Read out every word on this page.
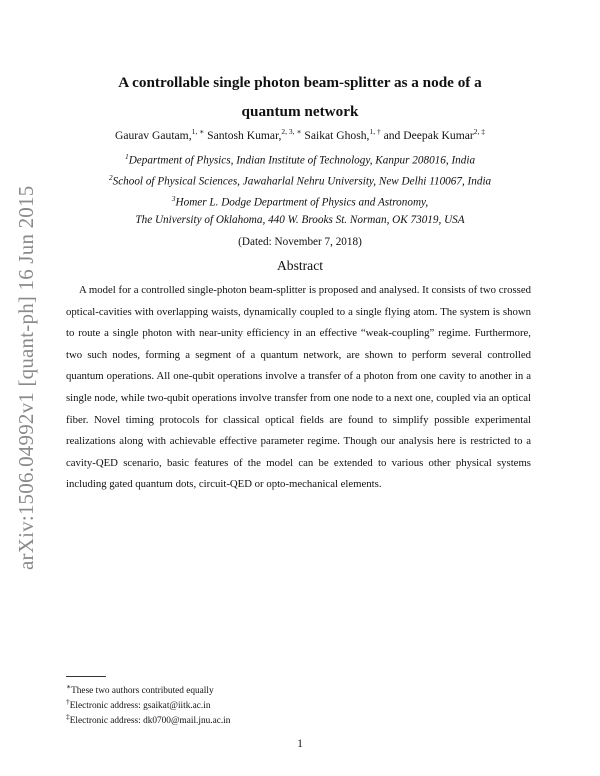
arXiv:1506.04992v1 [quant-ph] 16 Jun 2015
A controllable single photon beam-splitter as a node of a
quantum network
Gaurav Gautam,$^{1, ∗}$ Santosh Kumar,$^{2, 3, ∗}$ Saikat Ghosh,$^{1, \dagger}$ and Deepak Kumar$^{2, \ddagger}$
$^1$Department of Physics, Indian Institute of Technology, Kanpur 208016, India
$^2$School of Physical Sciences, Jawaharlal Nehru University, New Delhi 110067, India
$^3$Homer L. Dodge Department of Physics and Astronomy,
The University of Oklahoma, 440 W. Brooks St. Norman, OK 73019, USA
(Dated: November 7, 2018)
Abstract
A model for a controlled single-photon beam-splitter is proposed and analysed. It consists of two crossed optical-cavities with overlapping waists, dynamically coupled to a single flying atom. The system is shown to route a single photon with near-unity efficiency in an effective “weak-coupling” regime. Furthermore, two such nodes, forming a segment of a quantum network, are shown to perform several controlled quantum operations. All one-qubit operations involve a transfer of a photon from one cavity to another in a single node, while two-qubit operations involve transfer from one node to a next one, coupled via an optical fiber. Novel timing protocols for classical optical fields are found to simplify possible experimental realizations along with achievable effective parameter regime. Though our analysis here is restricted to a cavity-QED scenario, basic features of the model can be extended to various other physical systems including gated quantum dots, circuit-QED or opto-mechanical elements.
∗These two authors contributed equally
†Electronic address: gsaikat@iitk.ac.in
‡Electronic address: dk0700@mail.jnu.ac.in
1
